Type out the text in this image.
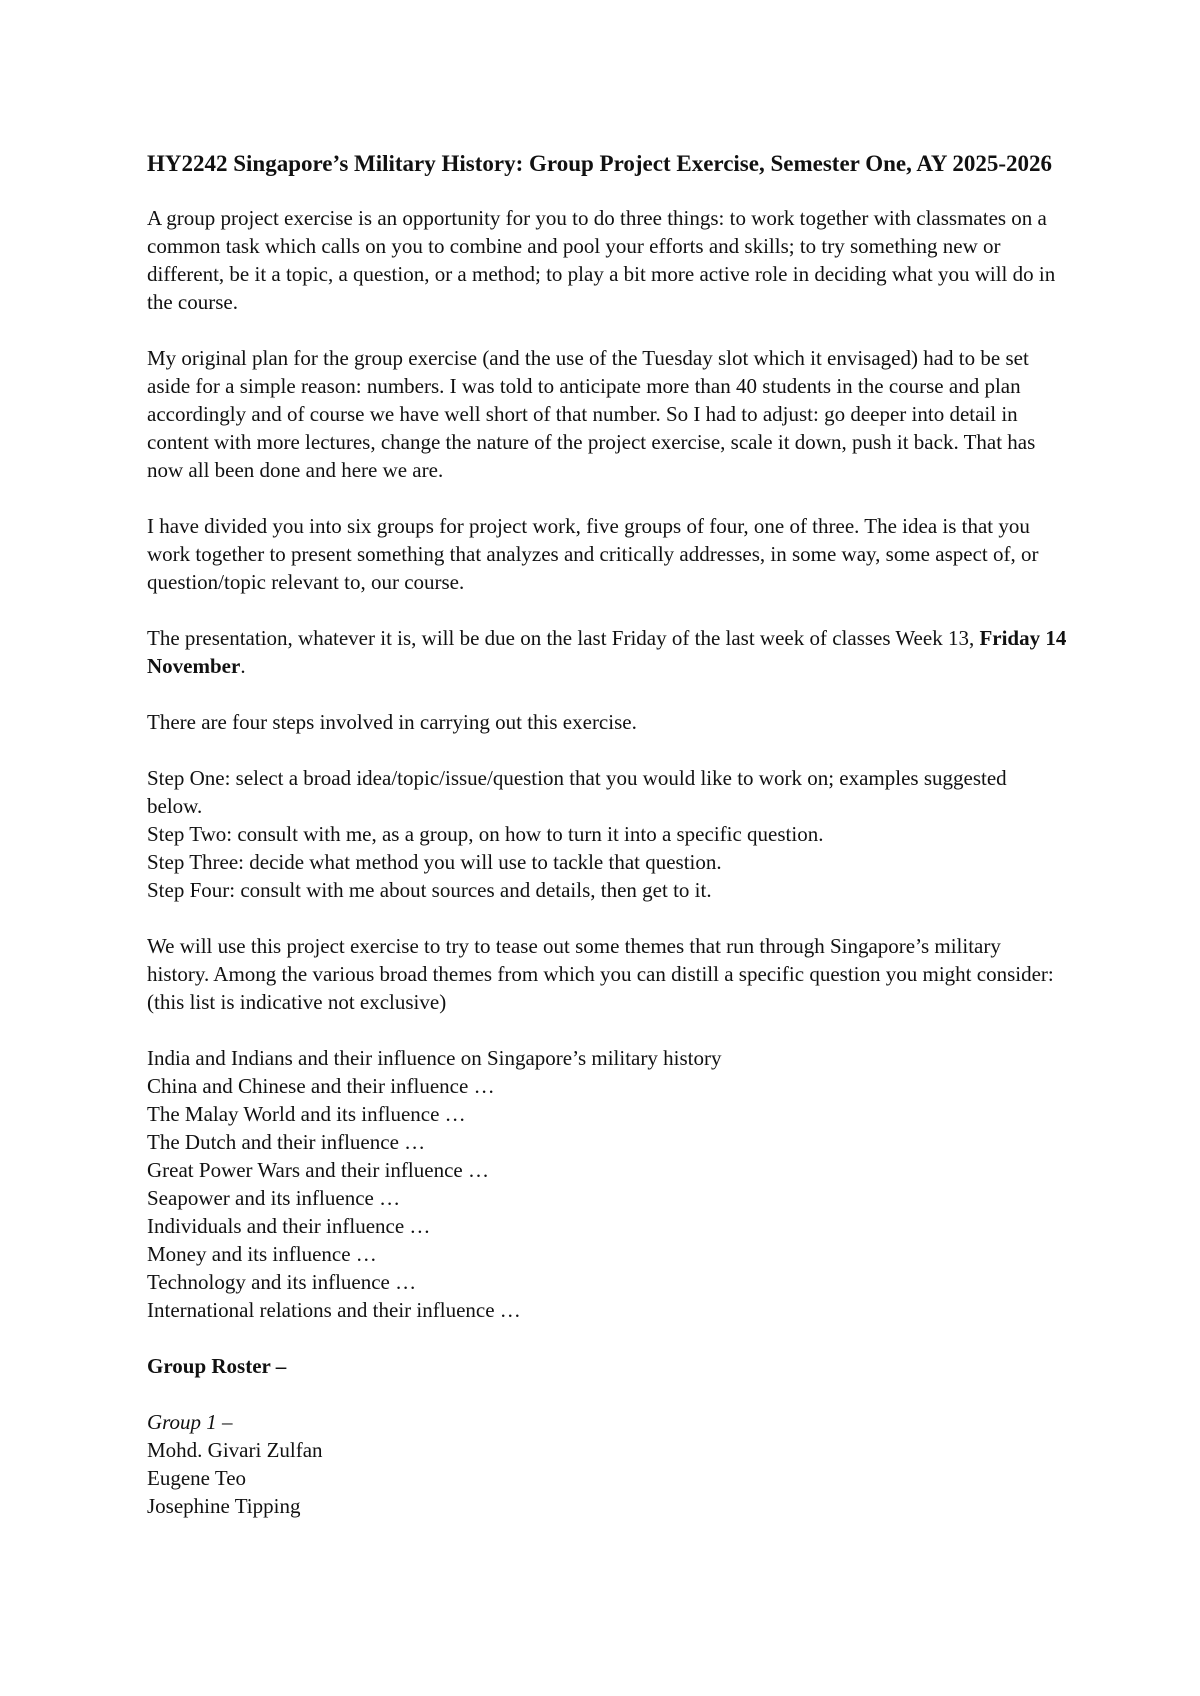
HY2242 Singapore’s Military History: Group Project Exercise, Semester One, AY 2025-2026

A group project exercise is an opportunity for you to do three things: to work together with classmates on a common task which calls on you to combine and pool your efforts and skills; to try something new or different, be it a topic, a question, or a method; to play a bit more active role in deciding what you will do in the course.

My original plan for the group exercise (and the use of the Tuesday slot which it envisaged) had to be set aside for a simple reason: numbers. I was told to anticipate more than 40 students in the course and plan accordingly and of course we have well short of that number. So I had to adjust: go deeper into detail in content with more lectures, change the nature of the project exercise, scale it down, push it back. That has now all been done and here we are.

I have divided you into six groups for project work, five groups of four, one of three. The idea is that you work together to present something that analyzes and critically addresses, in some way, some aspect of, or question/topic relevant to, our course.

The presentation, whatever it is, will be due on the last Friday of the last week of classes Week 13, Friday 14 November.

There are four steps involved in carrying out this exercise.

Step One: select a broad idea/topic/issue/question that you would like to work on; examples suggested below.
Step Two: consult with me, as a group, on how to turn it into a specific question.
Step Three: decide what method you will use to tackle that question.
Step Four: consult with me about sources and details, then get to it.

We will use this project exercise to try to tease out some themes that run through Singapore’s military history. Among the various broad themes from which you can distill a specific question you might consider: (this list is indicative not exclusive)

India and Indians and their influence on Singapore’s military history
China and Chinese and their influence …
The Malay World and its influence …
The Dutch and their influence …
Great Power Wars and their influence …
Seapower and its influence …
Individuals and their influence …
Money and its influence …
Technology and its influence …
International relations and their influence …
Group Roster –
Group 1 –
Mohd. Givari Zulfan
Eugene Teo
Josephine Tipping
